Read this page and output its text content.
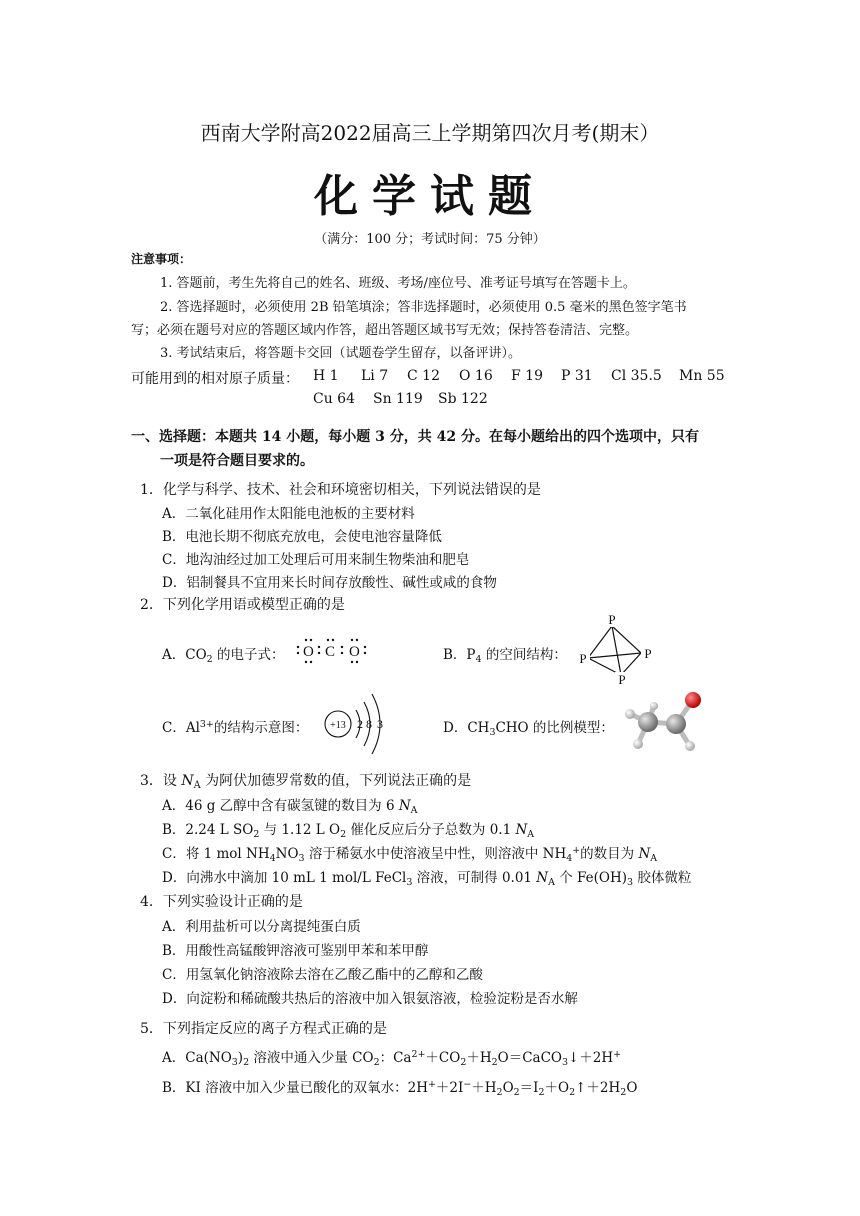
西南大学附高2022届高三上学期第四次月考(期末）
化学试题
（满分：100 分；考试时间：75 分钟）
注意事项：
1. 答题前，考生先将自己的姓名、班级、考场/座位号、准考证号填写在答题卡上。
2. 答选择题时，必须使用 2B 铅笔填涂；答非选择题时，必须使用 0.5 毫米的黑色签字笔书
写；必须在题号对应的答题区域内作答，超出答题区域书写无效；保持答卷清洁、完整。
3. 考试结束后，将答题卡交回（试题卷学生留存，以备评讲）。
可能用到的相对原子质量： H 1 Li 7 C 12 O 16 F 19 P 31 Cl 35.5 Mn 55
Cu 64 Sn 119 Sb 122
一、选择题：本题共 14 小题，每小题 3 分，共 42 分。在每小题给出的四个选项中，只有
一项是符合题目要求的。
1．化学与科学、技术、社会和环境密切相关，下列说法错误的是
A．二氧化硅用作太阳能电池板的主要材料
B．电池长期不彻底充放电，会使电池容量降低
C．地沟油经过加工处理后可用来制生物柴油和肥皂
D．铝制餐具不宜用来长时间存放酸性、碱性或咸的食物
2．下列化学用语或模型正确的是
A．$CO_2$ 的电子式： O C O	B．$P_4$ 的空间结构：
P
P	P
P
C．$Al^{3+}$的结构示意图： +13 2 8 3	D．$CH_3CHO$ 的比例模型：
3．设 $N_A$ 为阿伏加德罗常数的值，下列说法正确的是
A．46 g 乙醇中含有碳氢键的数目为 6 $N_A$
B．2.24 L $SO_2$ 与 1.12 L $O_2$ 催化反应后分子总数为 0.1 $N_A$
C．将 1 mol $NH_4NO_3$ 溶于稀氨水中使溶液呈中性，则溶液中 $NH_4^+$的数目为 $N_A$
D．向沸水中滴加 10 mL 1 mol/L FeCl$_3$ 溶液，可制得 0.01 $N_A$ 个 $Fe(OH)_3$ 胶体微粒
4．下列实验设计正确的是
A．利用盐析可以分离提纯蛋白质
B．用酸性高锰酸钾溶液可鉴别甲苯和苯甲醇
C．用氢氧化钠溶液除去溶在乙酸乙酯中的乙醇和乙酸
D．向淀粉和稀硫酸共热后的溶液中加入银氨溶液，检验淀粉是否水解
5．下列指定反应的离子方程式正确的是
A．$Ca(NO_3)_2$ 溶液中通入少量 $CO_2$：$Ca^{2+}+CO_2+H_2O=CaCO_3↓+2H^+$
B．KI 溶液中加入少量已酸化的双氧水：$2H^++2I^-+H_2O_2=I_2+O_2↑+2H_2O$
